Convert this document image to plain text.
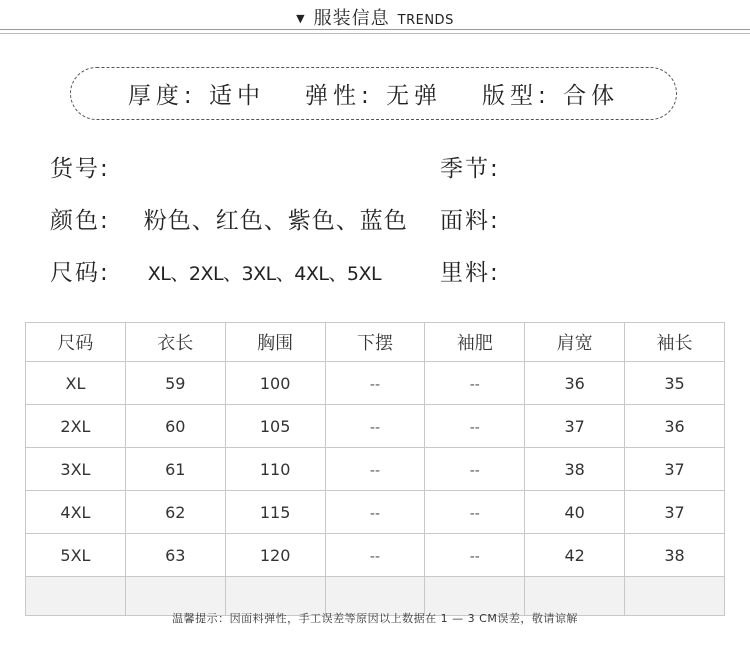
▼ 服装信息 TRENDS
厚度: 适中 弹性: 无弹 版型: 合体
货号:	季节:
颜色: 粉色、红色、紫色、蓝色 面料:
尺码: XL、2XL、3XL、4XL、5XL	里料:
尺码	衣长	胸围	下摆	袖肥	肩宽	袖长
XL	59	100	--	--	36	35
2XL	60	105	--	--	37	36
3XL	61	110	--	--	38	37
4XL	62	115	--	--	40	37
5XL	63	120	--	--	42	38

温馨提示：因面料弹性，手工误差等原因以上数据在 1 — 3 CM误差，敬请谅解
